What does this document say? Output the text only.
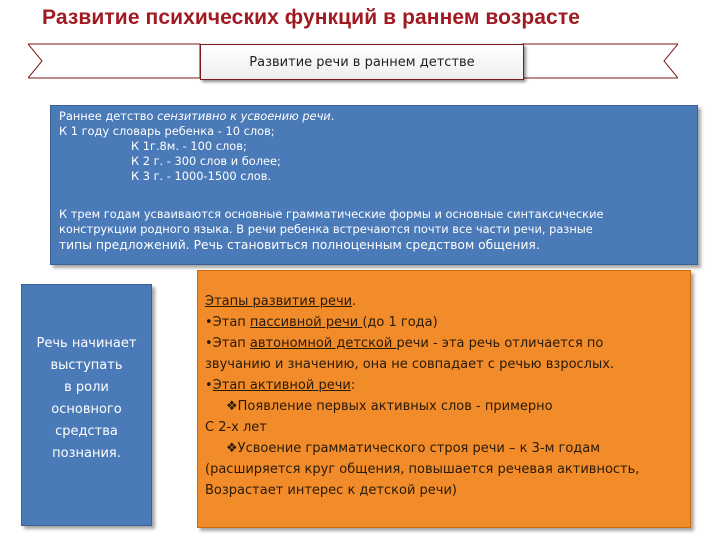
Развитие психических функций в раннем возрасте
Развитие речи в раннем детстве
Раннее детство сензитивно к усвоению речи.
К 1 году словарь ребенка - 10 слов;
К 1г.8м. - 100 слов;
К 2 г. - 300 слов и более;
К 3 г. - 1000-1500 слов.
К трем годам усваиваются основные грамматические формы и основные синтаксические
конструкции родного языка. В речи ребенка встречаются почти все части речи, разные
типы предложений. Речь становиться полноценным средством общения.
Речь начинает
выступать
в роли
основного
средства
познания.
Этапы развития речи.
•Этап пассивной речи (до 1 года)
•Этап автономной детской речи - эта речь отличается по
звучанию и значению, она не совпадает с речью взрослых.
•Этап активной речи:
❖Появление первых активных слов - примерно
С 2-х лет
❖Усвоение грамматического строя речи – к 3-м годам
(расширяется круг общения, повышается речевая активность,
Возрастает интерес к детской речи)
